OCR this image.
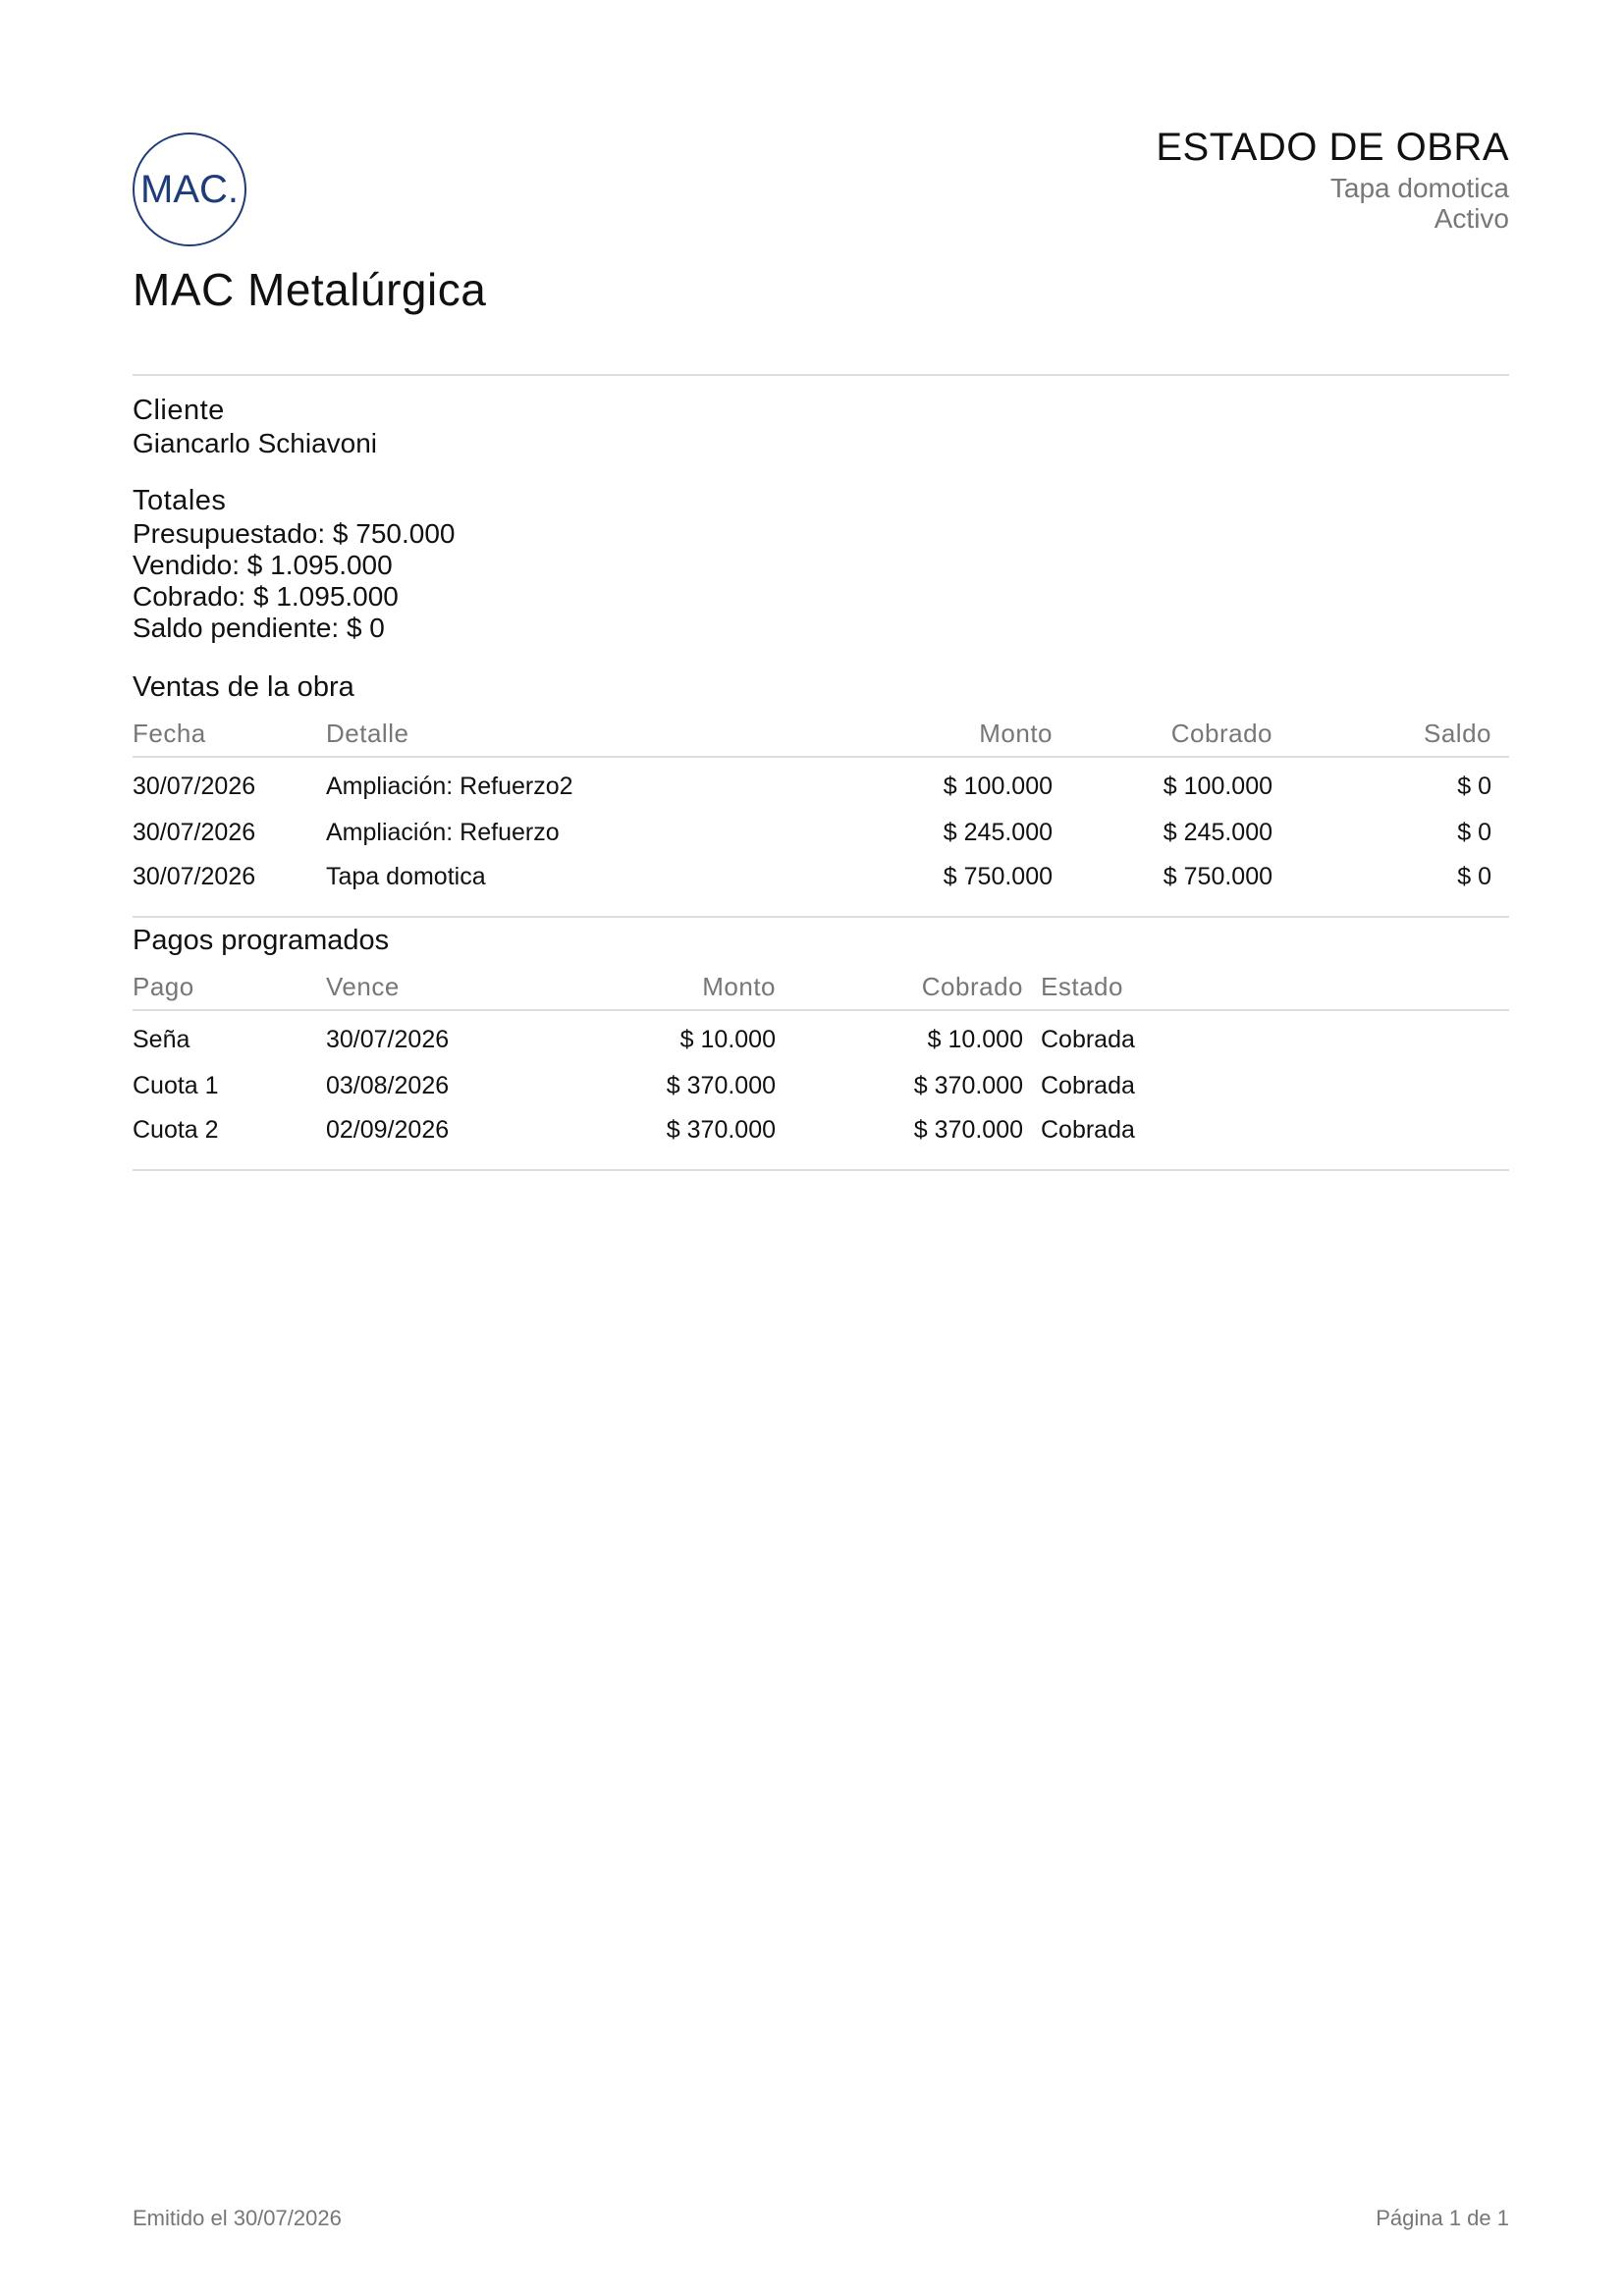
MAC.
MAC Metalúrgica
ESTADO DE OBRA
Tapa domotica
Activo
Cliente
Giancarlo Schiavoni
Totales
Presupuestado: $ 750.000
Vendido: $ 1.095.000
Cobrado: $ 1.095.000
Saldo pendiente: $ 0
Ventas de la obra
Fecha	Detalle	Monto	Cobrado	Saldo	
30/07/2026	Ampliación: Refuerzo2	$ 100.000	$ 100.000	$ 0	
30/07/2026	Ampliación: Refuerzo	$ 245.000	$ 245.000	$ 0	
30/07/2026	Tapa domotica	$ 750.000	$ 750.000	$ 0	
Pagos programados
Pago	Vence	Monto	Cobrado	Estado
Seña	30/07/2026	$ 10.000	$ 10.000	Cobrada
Cuota 1	03/08/2026	$ 370.000	$ 370.000	Cobrada
Cuota 2	02/09/2026	$ 370.000	$ 370.000	Cobrada
Emitido el 30/07/2026	Página 1 de 1
